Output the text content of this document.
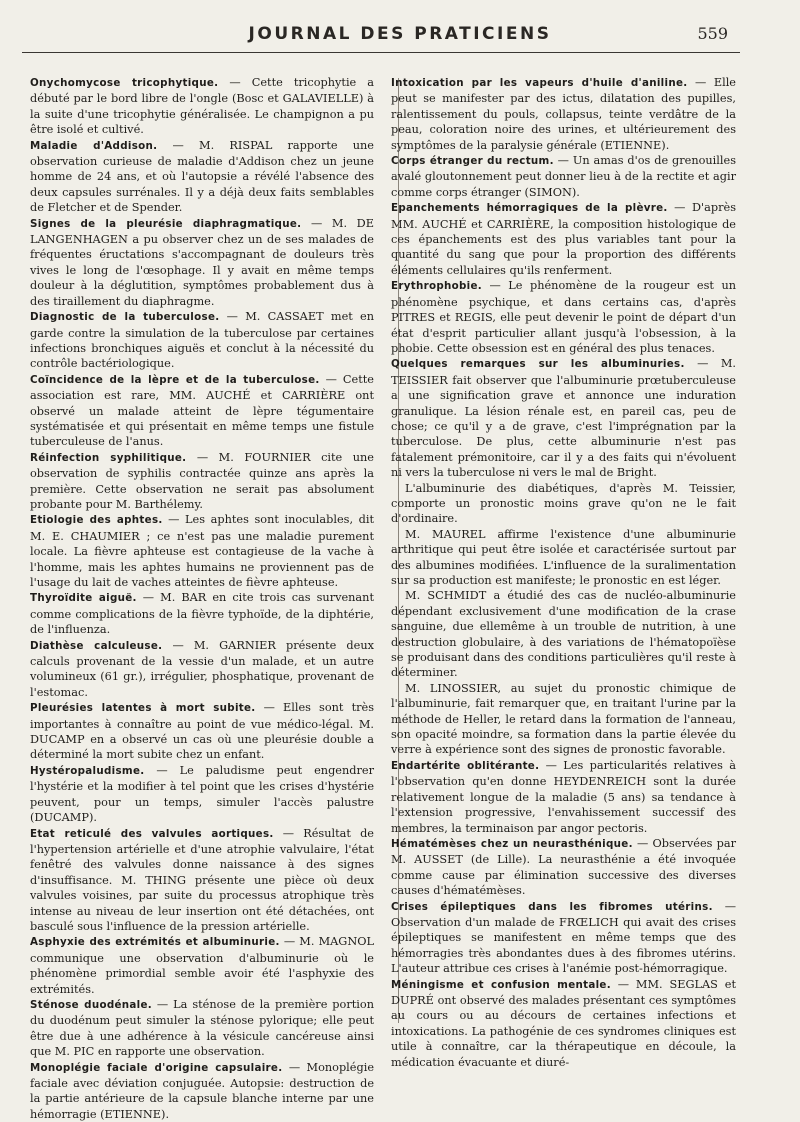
JOURNAL DES PRATICIENS	559

Onychomycose tricophytique. — Cette tricophytie a débuté par le bord libre de l'ongle (Bosc et GALAVIELLE) à la suite d'une tricophytie généralisée. Le champignon a pu être isolé et cultivé.

Maladie d'Addison. — M. RISPAL rapporte une observation curieuse de maladie d'Addison chez un jeune homme de 24 ans, et où l'autopsie a révélé l'absence des deux capsules surrénales. Il y a déjà deux faits semblables de Fletcher et de Spender.

Signes de la pleurésie diaphragmatique. — M. DE LANGENHAGEN a pu observer chez un de ses malades de fréquentes éructations s'accompagnant de douleurs très vives le long de l'œsophage. Il y avait en même temps douleur à la déglutition, symptômes probablement dus à des tiraillement du diaphragme.

Diagnostic de la tuberculose. — M. CASSAET met en garde contre la simulation de la tuberculose par certaines infections bronchiques aiguës et conclut à la nécessité du contrôle bactériologique.

Coïncidence de la lèpre et de la tuberculose. — Cette association est rare, MM. AUCHÉ et CARRIÈRE ont observé un malade atteint de lèpre tégumentaire systématisée et qui présentait en même temps une fistule tuberculeuse de l'anus.

Réinfection syphilitique. — M. FOURNIER cite une observation de syphilis contractée quinze ans après la première. Cette observation ne serait pas absolument probante pour M. Barthélemy.

Etiologie des aphtes. — Les aphtes sont inoculables, dit M. E. CHAUMIER ; ce n'est pas une maladie purement locale. La fièvre aphteuse est contagieuse de la vache à l'homme, mais les aphtes humains ne proviennent pas de l'usage du lait de vaches atteintes de fièvre aphteuse.

Thyroïdite aiguë. — M. BAR en cite trois cas survenant comme complications de la fièvre typhoïde, de la diphtérie, de l'influenza.

Diathèse calculeuse. — M. GARNIER présente deux calculs provenant de la vessie d'un malade, et un autre volumineux (61 gr.), irrégulier, phosphatique, provenant de l'estomac.

Pleurésies latentes à mort subite. — Elles sont très importantes à connaître au point de vue médico-légal. M. DUCAMP en a observé un cas où une pleurésie double a déterminé la mort subite chez un enfant.

Hystéropaludisme. — Le paludisme peut engendrer l'hystérie et la modifier à tel point que les crises d'hystérie peuvent, pour un temps, simuler l'accès palustre (DUCAMP).

Etat reticulé des valvules aortiques. — Résultat de l'hypertension artérielle et d'une atrophie valvulaire, l'état fenêtré des valvules donne naissance à des signes d'insuffisance. M. THING présente une pièce où deux valvules voisines, par suite du processus atrophique très intense au niveau de leur insertion ont été détachées, ont basculé sous l'influence de la pression artérielle.

Asphyxie des extrémités et albuminurie. — M. MAGNOL communique une observation d'albuminurie où le phénomène primordial semble avoir été l'asphyxie des extrémités.

Sténose duodénale. — La sténose de la première portion du duodénum peut simuler la sténose pylorique; elle peut être due à une adhérence à la vésicule cancéreuse ainsi que M. PIC en rapporte une observation.

Monoplégie faciale d'origine capsulaire. — Monoplégie faciale avec déviation conjuguée. Autopsie: destruction de la partie antérieure de la capsule blanche interne par une hémorragie (ETIENNE).

Intoxication par les vapeurs d'huile d'aniline. — Elle peut se manifester par des ictus, dilatation des pupilles, ralentissement du pouls, collapsus, teinte verdâtre de la peau, coloration noire des urines, et ultérieurement des symptômes de la paralysie générale (ETIENNE).

Corps étranger du rectum. — Un amas d'os de grenouilles avalé gloutonnement peut donner lieu à de la rectite et agir comme corps étranger (SIMON).

Epanchements hémorragiques de la plèvre. — D'après MM. AUCHÉ et CARRIÈRE, la composition histologique de ces épanchements est des plus variables tant pour la quantité du sang que pour la proportion des différents éléments cellulaires qu'ils renferment.

Erythrophobie. — Le phénomène de la rougeur est un phénomène psychique, et dans certains cas, d'après PITRES et REGIS, elle peut devenir le point de départ d'un état d'esprit particulier allant jusqu'à l'obsession, à la phobie. Cette obsession est en général des plus tenaces.

Quelques remarques sur les albuminuries. — M. TEISSIER fait observer que l'albuminurie prœtuberculeuse a une signification grave et annonce une induration granulique. La lésion rénale est, en pareil cas, peu de chose; ce qu'il y a de grave, c'est l'imprégnation par la tuberculose. De plus, cette albuminurie n'est pas fatalement prémonitoire, car il y a des faits qui n'évoluent ni vers la tuberculose ni vers le mal de Bright.

L'albuminurie des diabétiques, d'après M. Teissier, comporte un pronostic moins grave qu'on ne le fait d'ordinaire.

M. MAUREL affirme l'existence d'une albuminurie arthritique qui peut être isolée et caractérisée surtout par des albumines modifiées. L'influence de la suralimentation sur sa production est manifeste; le pronostic en est léger.

M. SCHMIDT a étudié des cas de nucléo-albuminurie dépendant exclusivement d'une modification de la crase sanguine, due ellemême à un trouble de nutrition, à une destruction globulaire, à des variations de l'hématopoïèse se produisant dans des conditions particulières qu'il reste à déterminer.

M. LINOSSIER, au sujet du pronostic chimique de l'albuminurie, fait remarquer que, en traitant l'urine par la méthode de Heller, le retard dans la formation de l'anneau, son opacité moindre, sa formation dans la partie élevée du verre à expérience sont des signes de pronostic favorable.

Endartérite oblitérante. — Les particularités relatives à l'observation qu'en donne HEYDENREICH sont la durée relativement longue de la maladie (5 ans) sa tendance à l'extension progressive, l'envahissement successif des membres, la terminaison par angor pectoris.

Hématémèses chez un neurasthénique. — Observées par M. AUSSET (de Lille). La neurasthénie a été invoquée comme cause par élimination successive des diverses causes d'hématémèses.

Crises épileptiques dans les fibromes utérins. — Observation d'un malade de FRŒLICH qui avait des crises épileptiques se manifestent en même temps que des hémorragies très abondantes dues à des fibromes utérins. L'auteur attribue ces crises à l'anémie post-hémorragique.

Méningisme et confusion mentale. — MM. SEGLAS et DUPRÉ ont observé des malades présentant ces symptômes au cours ou au décours de certaines infections et intoxications. La pathogénie de ces syndromes cliniques est utile à connaître, car la thérapeutique en découle, la médication évacuante et diuré-
